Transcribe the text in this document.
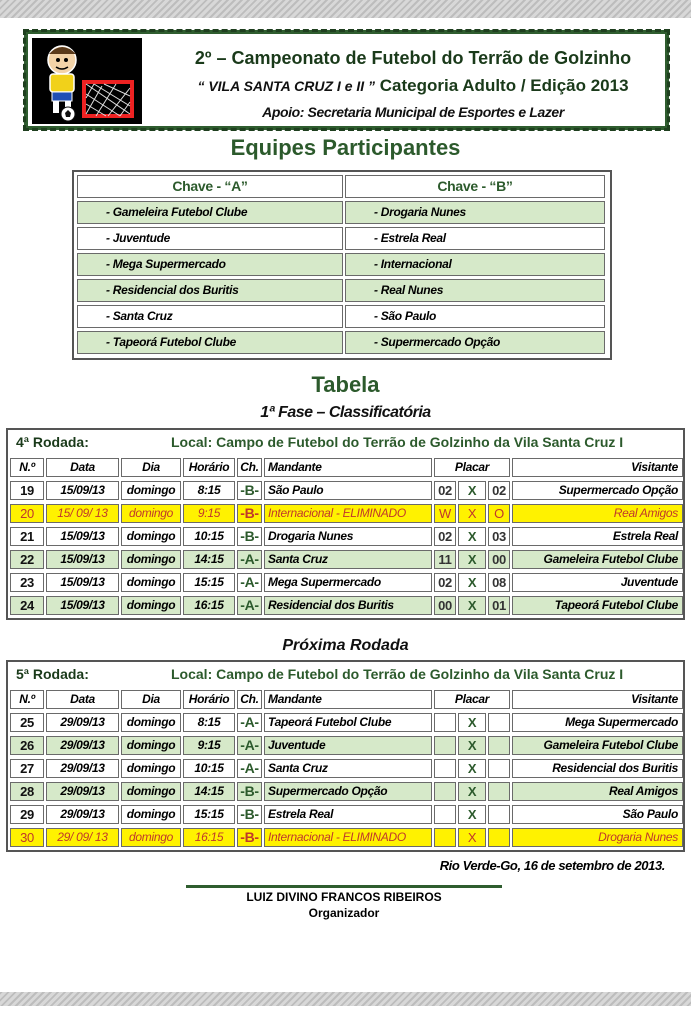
2º – Campeonato de Futebol do Terrão de Golzinho
“ VILA SANTA CRUZ I e II ” Categoria Adulto / Edição 2013
Apoio: Secretaria Municipal de Esportes e Lazer
Equipes Participantes
Chave - “A”	Chave - “B”
- Gameleira Futebol Clube	- Drogaria Nunes
- Juventude	- Estrela Real
- Mega Supermercado	- Internacional
- Residencial dos Buritis	- Real Nunes
- Santa Cruz	- São Paulo
- Tapeorá Futebol Clube	- Supermercado Opção
Tabela
1ª Fase – Classificatória
4ª Rodada:	Local: Campo de Futebol do Terrão de Golzinho da Vila Santa Cruz I
N.º	Data	Dia	Horário Ch. Mandante	Visitante
Placar
19	15/09/13	domingo	8:15	-B- São Paulo	02	X	02	Supermercado Opção
20	15/ 09/ 13	domingo	9:15	-B- Internacional - ELIMINADO	W	X	O	Real Amigos
21	15/09/13	domingo	10:15	-B- Drogaria Nunes	02	X	03	Estrela Real
22	15/09/13	domingo	14:15	-A- Santa Cruz	11	X	00	Gameleira Futebol Clube
23	15/09/13	domingo	15:15	-A- Mega Supermercado	02	X	08	Juventude
24	15/09/13	domingo	16:15	-A- Residencial dos Buritis	00	X	01	Tapeorá Futebol Clube
Próxima Rodada
5ª Rodada:	Local: Campo de Futebol do Terrão de Golzinho da Vila Santa Cruz I
N.º	Data	Dia	Horário Ch. Mandante	Visitante
Placar
25	29/09/13	domingo	8:15	-A- Tapeorá Futebol Clube	X	Mega Supermercado
26	29/09/13	domingo	9:15	-A- Juventude	X	Gameleira Futebol Clube
27	29/09/13	domingo	10:15	-A- Santa Cruz	X	Residencial dos Buritis
28	29/09/13	domingo	14:15	-B- Supermercado Opção	X	Real Amigos
29	29/09/13	domingo	15:15	-B- Estrela Real	X	São Paulo
30	29/ 09/ 13	domingo	16:15	-B- Internacional - ELIMINADO	X	Drogaria Nunes
Rio Verde-Go, 16 de setembro de 2013.
LUIZ DIVINO FRANCOS RIBEIROS
Organizador
